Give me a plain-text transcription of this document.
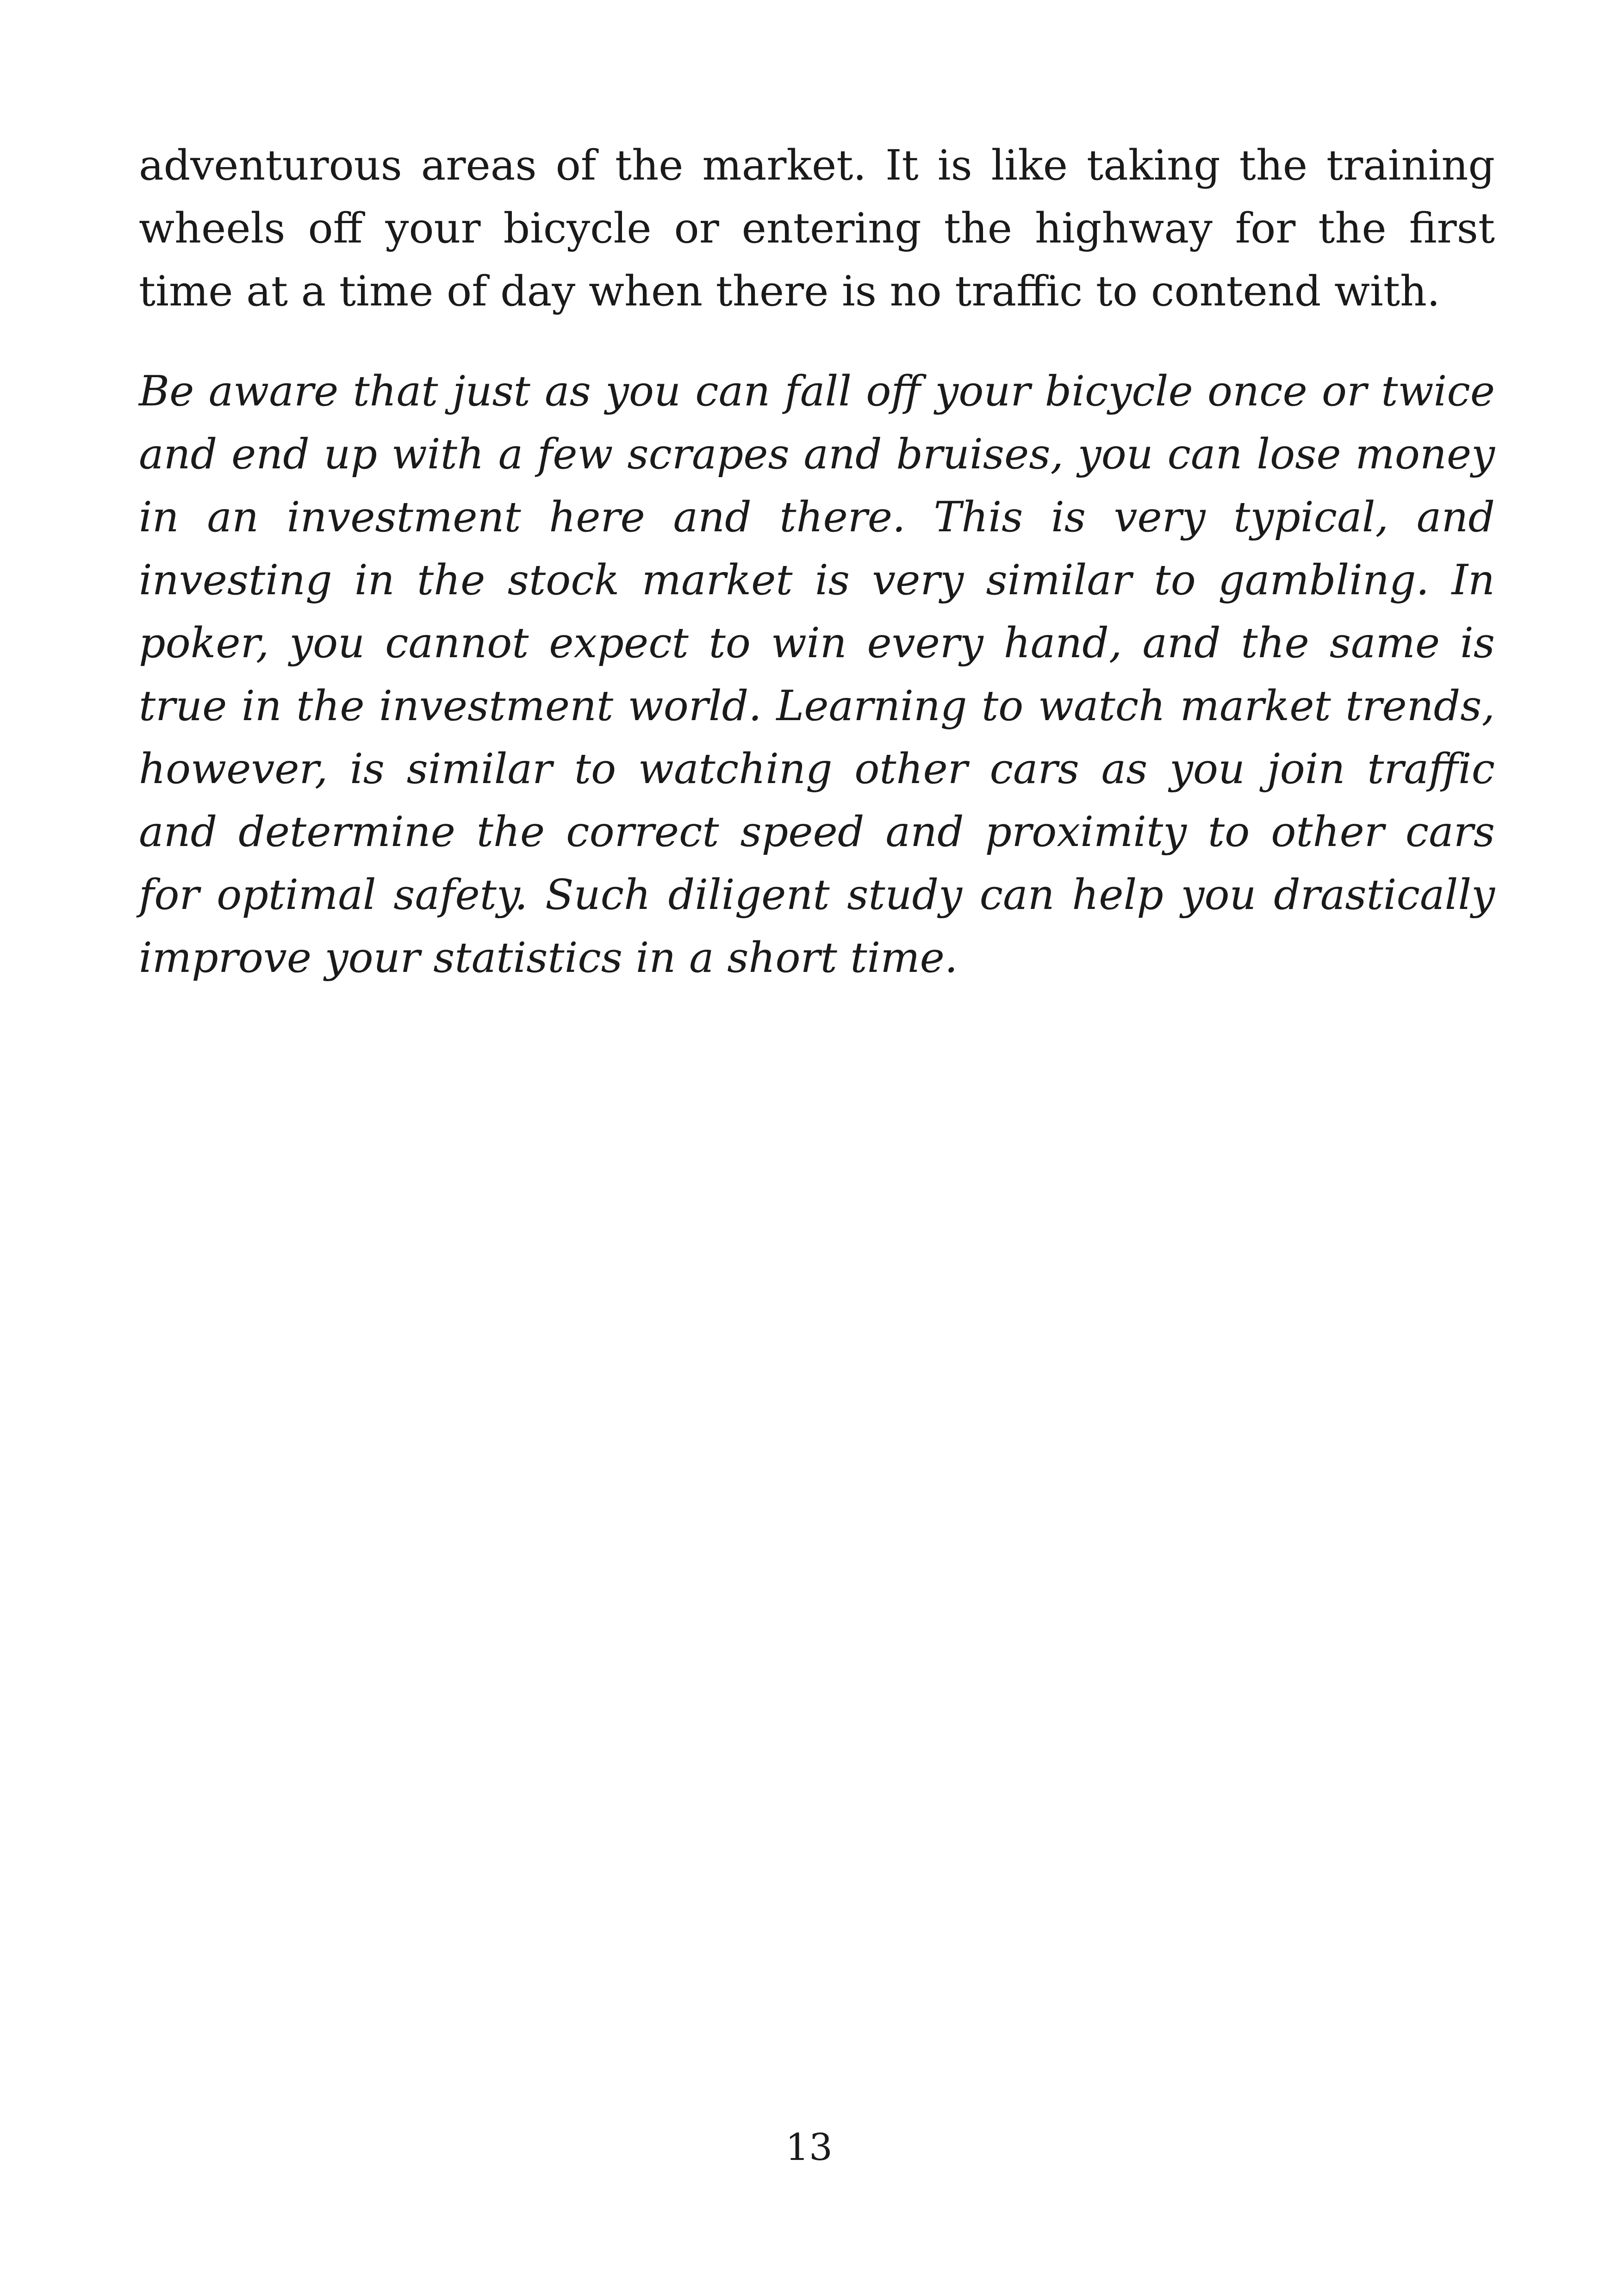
adventurous areas of the market. It is like taking the training wheels off your bicycle or entering the highway for the first time at a time of day when there is no traffic to contend with.

Be aware that just as you can fall off your bicycle once or twice and end up with a few scrapes and bruises, you can lose money in an investment here and there. This is very typical, and investing in the stock market is very similar to gambling. In poker, you cannot expect to win every hand, and the same is true in the investment world. Learning to watch market trends, however, is similar to watching other cars as you join traffic and determine the correct speed and proximity to other cars for optimal safety. Such diligent study can help you drastically improve your statistics in a short time.

13
